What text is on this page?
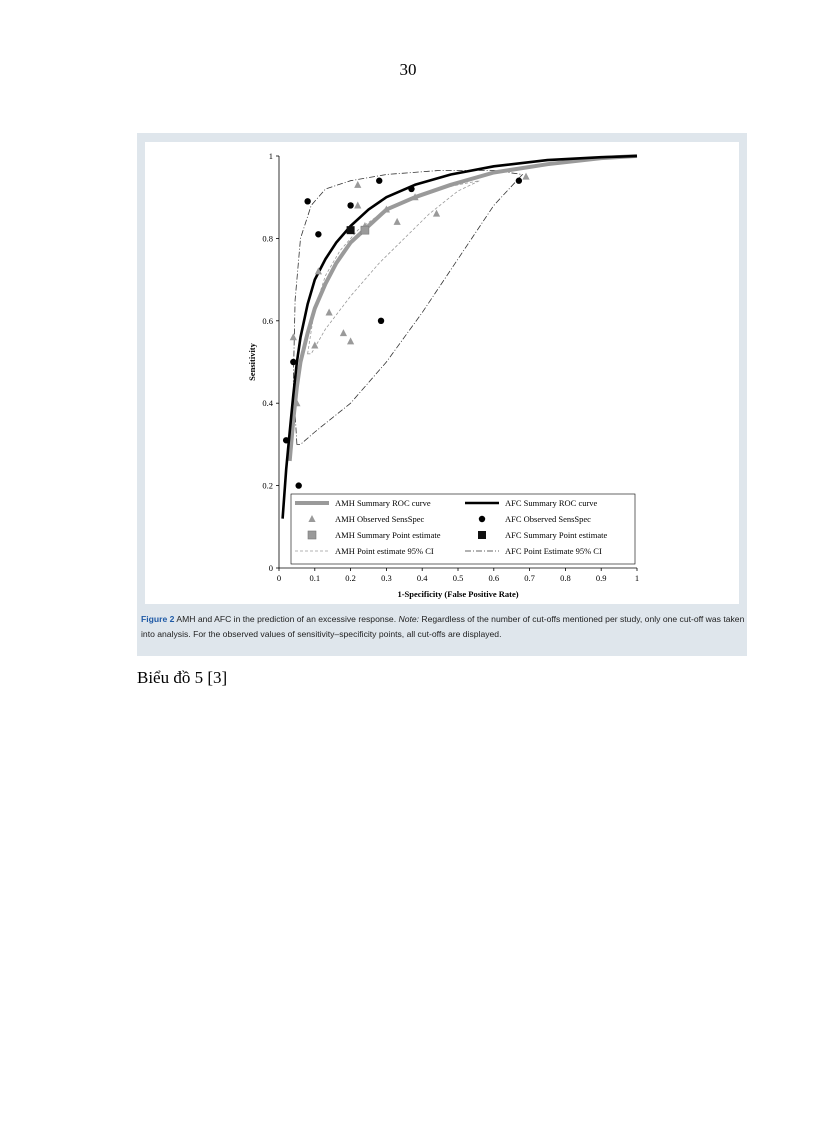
30
0	0.1	0.2	0.3	0.4	0.5	0.6	0.7	0.8	0.9	1
0
0.2
0.4
0.6
0.8
1
1-Specificity (False Positive Rate)
Sensitivity
AMH Summary ROC curve	AFC Summary ROC curve
AMH Observed SensSpec	AFC Observed SensSpec
AMH Summary Point estimate	AFC Summary Point estimate
AMH Point estimate 95% CI	AFC Point Estimate 95% CI
Figure 2 AMH and AFC in the prediction of an excessive response. Note: Regardless of the number of cut-offs mentioned per study, only one cut-off was taken into analysis. For the observed values of sensitivity–specificity points, all cut-offs are displayed.
Biểu đồ 5 [3]
